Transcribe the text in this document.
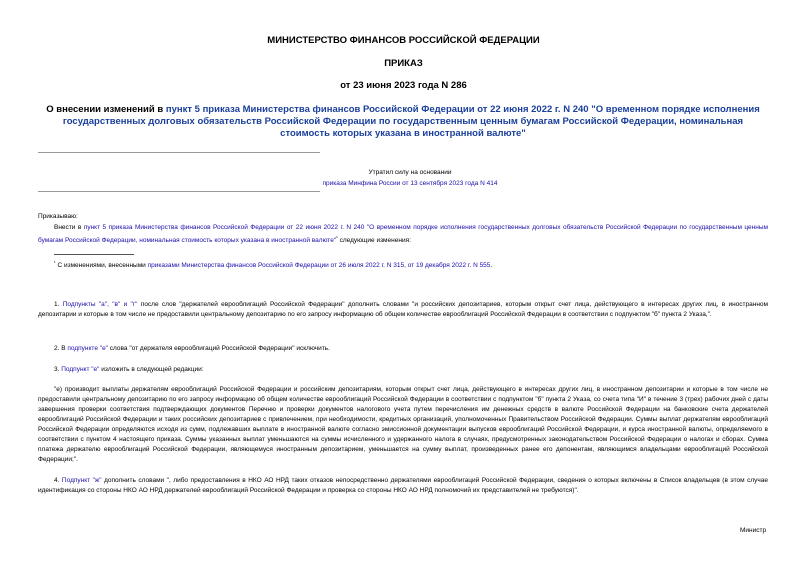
МИНИСТЕРСТВО ФИНАНСОВ РОССИЙСКОЙ ФЕДЕРАЦИИ
ПРИКАЗ
от 23 июня 2023 года N 286
О внесении изменений в пункт 5 приказа Министерства финансов Российской Федерации от 22 июня 2022 г. N 240 "О временном порядке исполнения государственных долговых обязательств Российской Федерации по государственным ценным бумагам Российской Федерации, номинальная стоимость которых указана в иностранной валюте"
Утратил силу на основании
приказа Минфина России от 13 сентября 2023 года N 414
Приказываю:
Внести в пункт 5 приказа Министерства финансов Российской Федерации от 22 июня 2022 г. N 240 "О временном порядке исполнения государственных долговых обязательств Российской Федерации по государственным ценным бумагам Российской Федерации, номинальная стоимость которых указана в иностранной валюте"$^{^1}$ следующие изменения:
$^{^1}$ С изменениями, внесенными приказами Министерства финансов Российской Федерации от 26 июля 2022 г. N 315, от 19 декабря 2022 г. N 555.
1. Подпункты "а", "в" и "г" после слов "держателей еврооблигаций Российской Федерации" дополнить словами "и российских депозитариев, которым открыт счет лица, действующего в интересах других лиц, в иностранном депозитарии и которые в том числе не предоставили центральному депозитарию по его запросу информацию об общем количестве еврооблигаций Российской Федерации в соответствии с подпунктом "б" пункта 2 Указа,".
2. В подпункте "е" слова "от держателя еврооблигаций Российской Федерации" исключить.
3. Подпункт "е" изложить в следующей редакции:
"е) производит выплаты держателям еврооблигаций Российской Федерации и российским депозитариям, которым открыт счет лица, действующего в интересах других лиц, в иностранном депозитарии и которые в том числе не предоставили центральному депозитарию по его запросу информацию об общем количестве еврооблигаций Российской Федерации в соответствии с подпунктом "б" пункта 2 Указа, со счета типа "И" в течение 3 (трех) рабочих дней с даты завершения проверки соответствия подтверждающих документов Перечню и проверки документов налогового учета путем перечисления им денежных средств в валюте Российской Федерации на банковские счета держателей еврооблигаций Российской Федерации и таких российских депозитариев с привлечением, при необходимости, кредитных организаций, уполномоченных Правительством Российской Федерации. Суммы выплат держателям еврооблигаций Российской Федерации определяются исходя из сумм, подлежавших выплате в иностранной валюте согласно эмиссионной документации выпусков еврооблигаций Российской Федерации, и курса иностранной валюты, определяемого в соответствии с пунктом 4 настоящего приказа. Суммы указанных выплат уменьшаются на суммы исчисленного и удержанного налога в случаях, предусмотренных законодательством Российской Федерации о налогах и сборах. Сумма платежа держателю еврооблигаций Российской Федерации, являющемуся иностранным депозитарием, уменьшается на сумму выплат, произведенных ранее его депонентам, являющимся владельцами еврооблигаций Российской Федерации;".
4. Подпункт "ж" дополнить словами ", либо предоставления в НКО АО НРД таких отказов непосредственно держателями еврооблигаций Российской Федерации, сведения о которых включены в Список владельцев (в этом случае идентификация со стороны НКО АО НРД держателей еврооблигаций Российской Федерации и проверка со стороны НКО АО НРД полномочий их представителей не требуются)".
Министр
